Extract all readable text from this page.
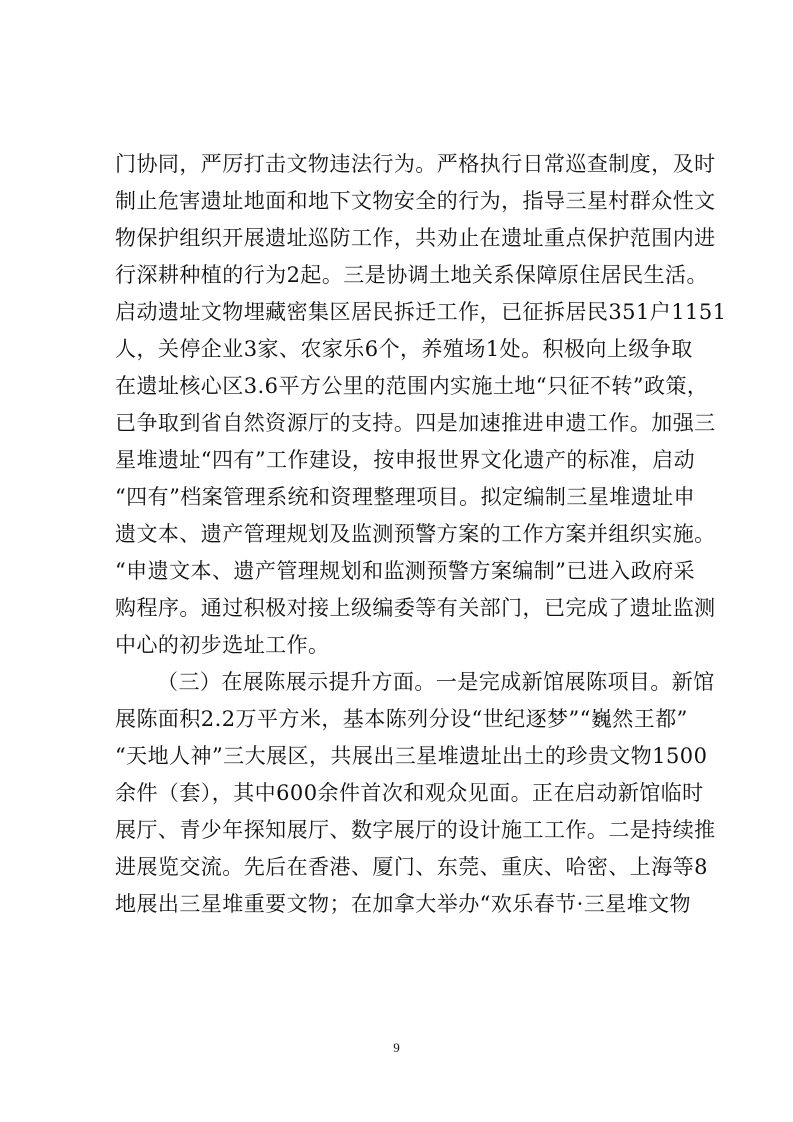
门协同，严厉打击文物违法行为。严格执行日常巡查制度，及时
制止危害遗址地面和地下文物安全的行为，指导三星村群众性文
物保护组织开展遗址巡防工作，共劝止在遗址重点保护范围内进
行深耕种植的行为2起。三是协调土地关系保障原住居民生活。
启动遗址文物埋藏密集区居民拆迁工作，已征拆居民351户1151
人，关停企业3家、农家乐6个，养殖场1处。积极向上级争取
在遗址核心区3.6平方公里的范围内实施土地“只征不转”政策，
已争取到省自然资源厅的支持。四是加速推进申遗工作。加强三
星堆遗址“四有”工作建设，按申报世界文化遗产的标准，启动
“四有”档案管理系统和资理整理项目。拟定编制三星堆遗址申
遗文本、遗产管理规划及监测预警方案的工作方案并组织实施。
“申遗文本、遗产管理规划和监测预警方案编制”已进入政府采
购程序。通过积极对接上级编委等有关部门，已完成了遗址监测
中心的初步选址工作。
（三）在展陈展示提升方面。一是完成新馆展陈项目。新馆
展陈面积2.2万平方米，基本陈列分设“世纪逐梦”“巍然王都”
“天地人神”三大展区，共展出三星堆遗址出土的珍贵文物1500
余件（套），其中600余件首次和观众见面。正在启动新馆临时
展厅、青少年探知展厅、数字展厅的设计施工工作。二是持续推
进展览交流。先后在香港、厦门、东莞、重庆、哈密、上海等8
地展出三星堆重要文物；在加拿大举办“欢乐春节·三星堆文物
9
